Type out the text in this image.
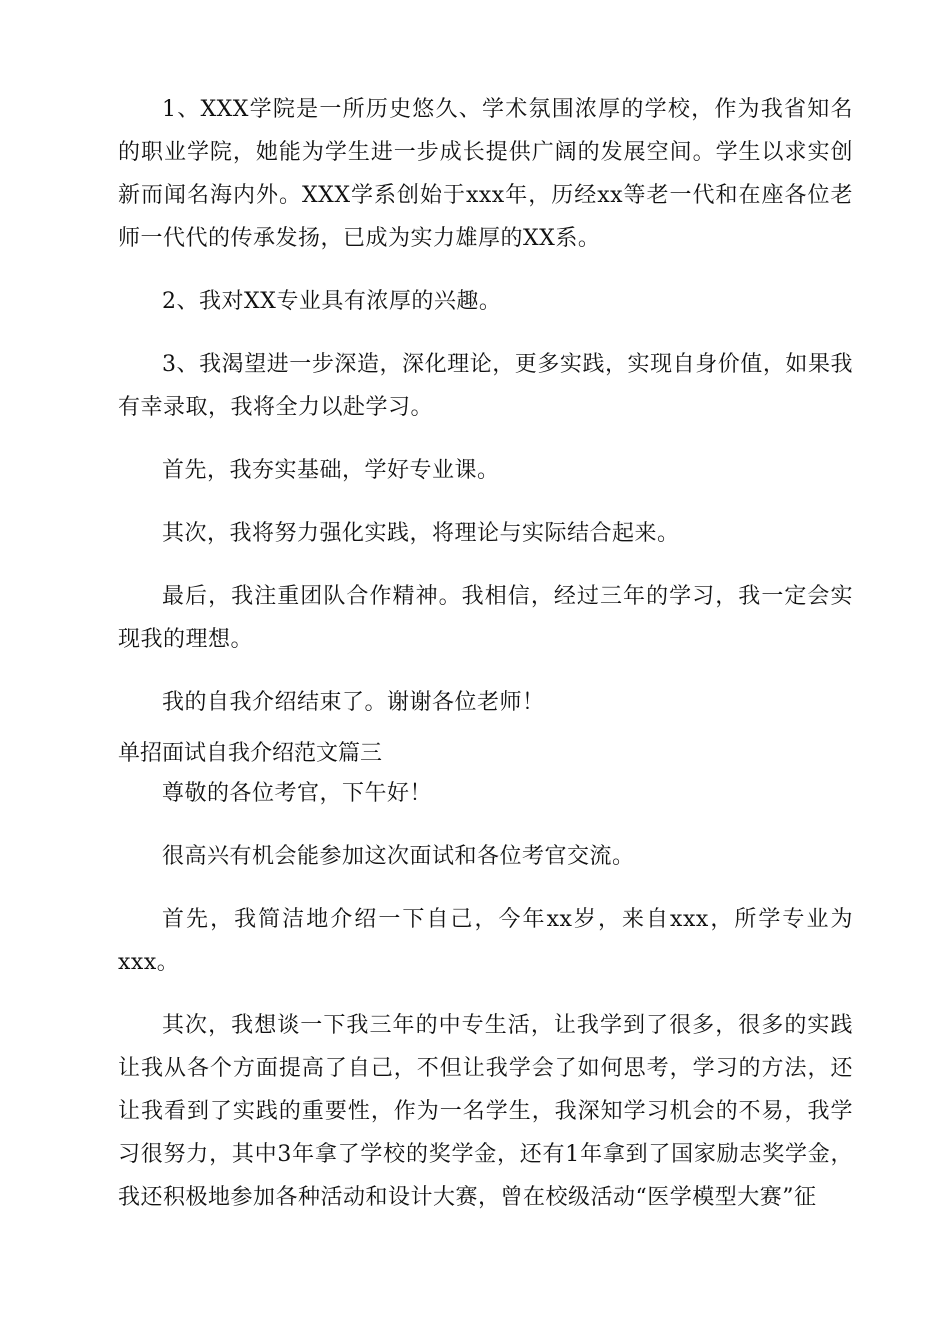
1、XXX学院是一所历史悠久、学术氛围浓厚的学校，作为我省知名的职业学院，她能为学生进一步成长提供广阔的发展空间。学生以求实创新而闻名海内外。XXX学系创始于xxx年，历经xx等老一代和在座各位老师一代代的传承发扬，已成为实力雄厚的XX系。

2、我对XX专业具有浓厚的兴趣。

3、我渴望进一步深造，深化理论，更多实践，实现自身价值，如果我有幸录取，我将全力以赴学习。

首先，我夯实基础，学好专业课。

其次，我将努力强化实践，将理论与实际结合起来。

最后，我注重团队合作精神。我相信，经过三年的学习，我一定会实现我的理想。

我的自我介绍结束了。谢谢各位老师！

单招面试自我介绍范文篇三

尊敬的各位考官，下午好！

很高兴有机会能参加这次面试和各位考官交流。

首先，我简洁地介绍一下自己，今年xx岁，来自xxx，所学专业为xxx。

其次，我想谈一下我三年的中专生活，让我学到了很多，很多的实践让我从各个方面提高了自己，不但让我学会了如何思考，学习的方法，还让我看到了实践的重要性，作为一名学生，我深知学习机会的不易，我学习很努力，其中3年拿了学校的奖学金，还有1年拿到了国家励志奖学金，我还积极地参加各种活动和设计大赛，曾在校级活动“医学模型大赛”征
